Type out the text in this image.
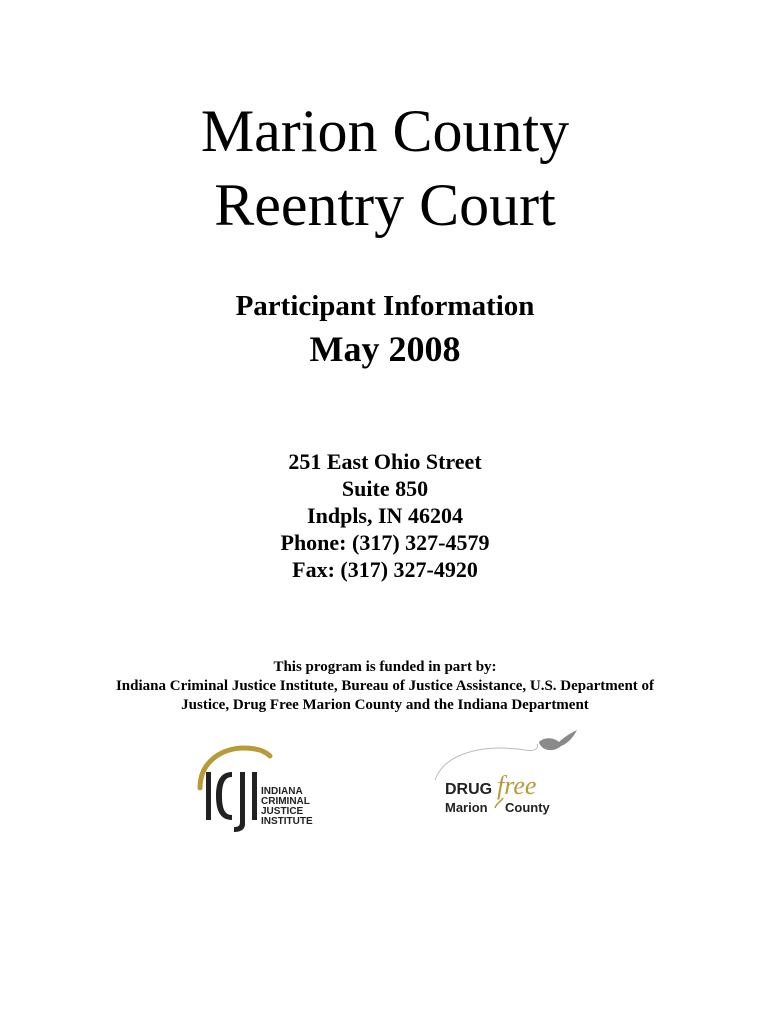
Marion County
Reentry Court

Participant Information

May 2008

251 East Ohio Street
Suite 850
Indpls, IN 46204
Phone: (317) 327-4579
Fax: (317) 327-4920
This program is funded in part by:
Indiana Criminal Justice Institute, Bureau of Justice Assistance, U.S. Department of
Justice, Drug Free Marion County and the Indiana Department
INDIANA
CRIMINAL
JUSTICE
INSTITUTE
DRUG free
Marion County
